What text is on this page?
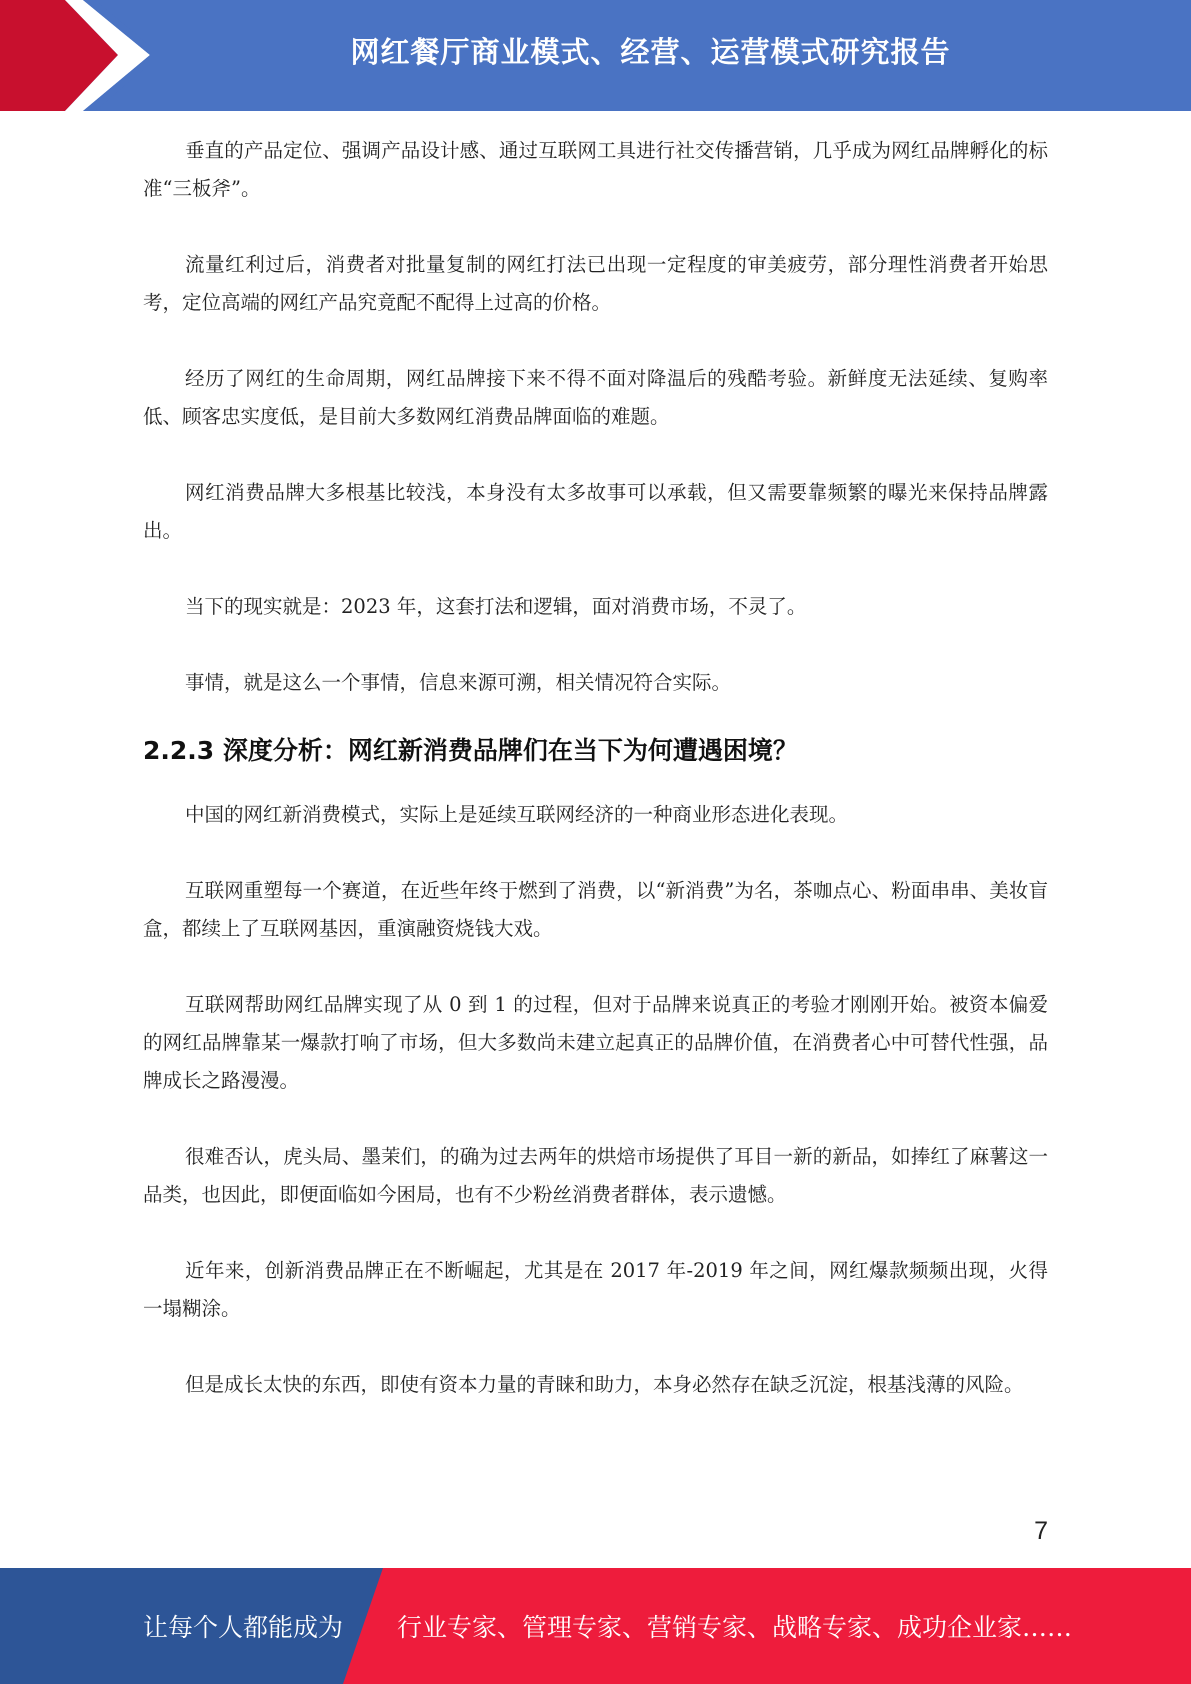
网红餐厅商业模式、经营、运营模式研究报告

垂直的产品定位、强调产品设计感、通过互联网工具进行社交传播营销，几乎成为网红品牌孵化的标准“三板斧”。

流量红利过后，消费者对批量复制的网红打法已出现一定程度的审美疲劳，部分理性消费者开始思考，定位高端的网红产品究竟配不配得上过高的价格。

经历了网红的生命周期，网红品牌接下来不得不面对降温后的残酷考验。新鲜度无法延续、复购率低、顾客忠实度低，是目前大多数网红消费品牌面临的难题。

网红消费品牌大多根基比较浅，本身没有太多故事可以承载，但又需要靠频繁的曝光来保持品牌露出。

当下的现实就是：2023 年，这套打法和逻辑，面对消费市场，不灵了。

事情，就是这么一个事情，信息来源可溯，相关情况符合实际。

2.2.3 深度分析：网红新消费品牌们在当下为何遭遇困境？

中国的网红新消费模式，实际上是延续互联网经济的一种商业形态进化表现。

互联网重塑每一个赛道，在近些年终于燃到了消费，以“新消费”为名，茶咖点心、粉面串串、美妆盲盒，都续上了互联网基因，重演融资烧钱大戏。

互联网帮助网红品牌实现了从 0 到 1 的过程，但对于品牌来说真正的考验才刚刚开始。被资本偏爱的网红品牌靠某一爆款打响了市场，但大多数尚未建立起真正的品牌价值，在消费者心中可替代性强，品牌成长之路漫漫。

很难否认，虎头局、墨茉们，的确为过去两年的烘焙市场提供了耳目一新的新品，如捧红了麻薯这一品类，也因此，即便面临如今困局，也有不少粉丝消费者群体，表示遗憾。

近年来，创新消费品牌正在不断崛起，尤其是在 2017 年-2019 年之间，网红爆款频频出现，火得一塌糊涂。

但是成长太快的东西，即使有资本力量的青睐和助力，本身必然存在缺乏沉淀，根基浅薄的风险。

7
让每个人都能成为 行业专家、管理专家、营销专家、战略专家、成功企业家……
